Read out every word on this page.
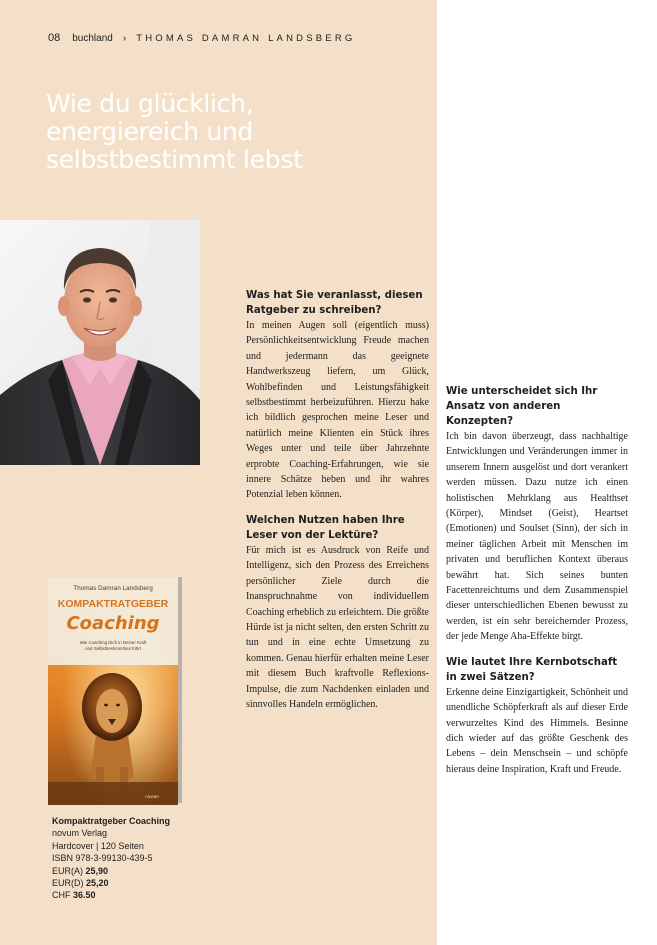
08 buchland › THOMAS DAMRAN LANDSBERG
Wie du glücklich,
energiereich und
selbstbestimmt lebst
Was hat Sie veranlasst, diesen Ratgeber zu schreiben?

In meinen Augen soll (eigentlich muss) Persönlichkeitsentwicklung Freude machen und jedermann das geeignete Handwerkszeug liefern, um Glück, Wohlbefinden und Leistungsfähigkeit selbstbestimmt herbeizuführen. Hierzu hake ich bildlich gesprochen meine Leser und natürlich meine Klienten ein Stück ihres Weges unter und teile über Jahrzehnte erprobte Coaching-Erfahrungen, wie sie innere Schätze heben und ihr wahres Potenzial leben können.

Welchen Nutzen haben Ihre Leser von der Lektüre?

Für mich ist es Ausdruck von Reife und Intelligenz, sich den Prozess des Erreichens persönlicher Ziele durch die Inanspruchnahme von individuellem Coaching erheblich zu erleichtern. Die größte Hürde ist ja nicht selten, den ersten Schritt zu tun und in eine echte Umsetzung zu kommen. Genau hierfür erhalten meine Leser mit diesem Buch kraftvolle Reflexions-Impulse, die zum Nachdenken einladen und sinnvolles Handeln ermöglichen.

Wie unterscheidet sich Ihr Ansatz von anderen Konzepten?

Ich bin davon überzeugt, dass nachhaltige Entwicklungen und Veränderungen immer in unserem Innern ausgelöst und dort verankert werden müssen. Dazu nutze ich einen holistischen Mehrklang aus Healthset (Körper), Mindset (Geist), Heartset (Emotionen) und Soulset (Sinn), der sich in meiner täglichen Arbeit mit Menschen im privaten und beruflichen Kontext überaus bewährt hat. Sich seines bunten Facettenreichtums und dem Zusammenspiel dieser unterschiedlichen Ebenen bewusst zu werden, ist ein sehr bereichernder Prozess, der jede Menge Aha-Effekte birgt.

Wie lautet Ihre Kernbotschaft in zwei Sätzen?

Erkenne deine Einzigartigkeit, Schönheit und unendliche Schöpferkraft als auf dieser Erde verwurzeltes Kind des Himmels. Besinne dich wieder auf das größte Geschenk des Lebens – dein Menschsein – und schöpfe hieraus deine Inspiration, Kraft und Freude.

Thomas Damran Landsberg
KOMPAKTRATGEBER
Coaching
Wie Coaching Dich in Deiner Kraft
und Selbstbestimmtheit führt
novum
Kompaktratgeber Coaching
novum Verlag
Hardcover | 120 Seiten
ISBN 978-3-99130-439-5
EUR(A) 25,90
EUR(D) 25,20
CHF 36.50
